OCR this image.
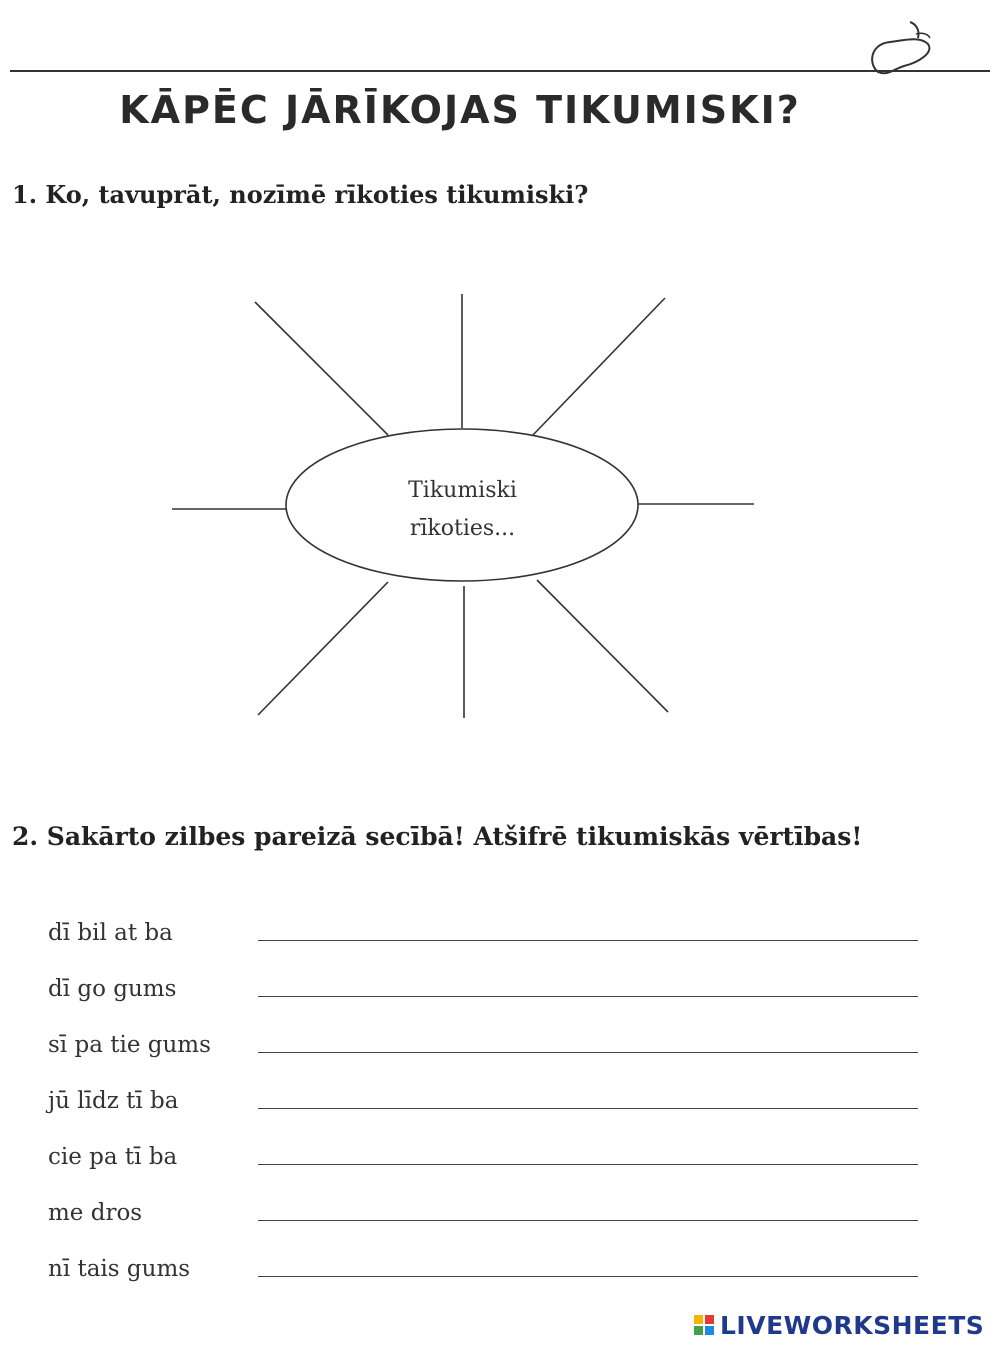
KĀPĒC JĀRĪKOJAS TIKUMISKI?
1. Ko, tavuprāt, nozīmē rīkoties tikumiski?
Tikumiski
rīkoties...
2. Sakārto zilbes pareizā secībā! Atšifrē tikumiskās vērtības!
dī bil at ba
dī go gums
sī pa tie gums
jū līdz tī ba
cie pa tī ba
me dros
nī tais gums
LIVEWORKSHEETS
